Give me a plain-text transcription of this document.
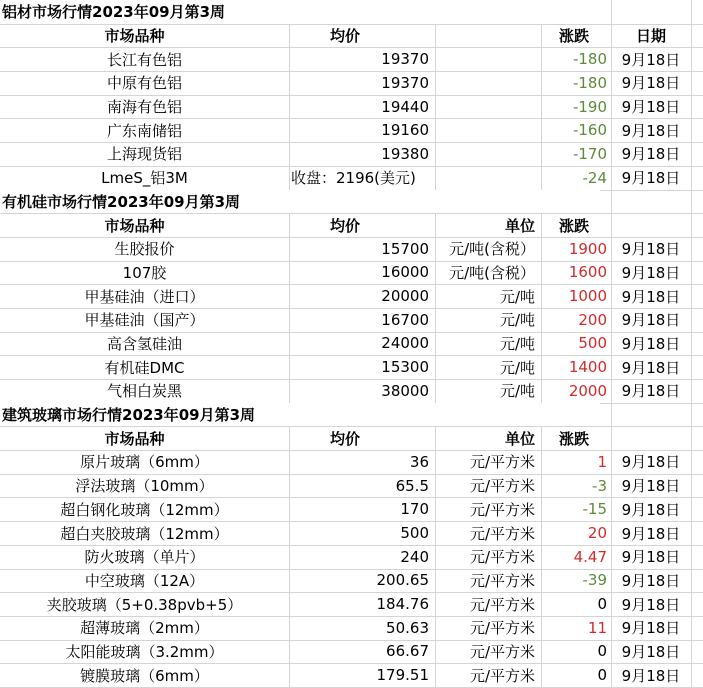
铝材市场行情2023年09月第3周
市场品种	均价	涨跌	日期
长江有色铝	19370	-180 9月18日
中原有色铝	19370	-180 9月18日
南海有色铝	19440	-190 9月18日
广东南储铝	19160	-160 9月18日
上海现货铝	19380	-170 9月18日
LmeS_铝3M	收盘：2196(美元)	-24 9月18日
有机硅市场行情2023年09月第3周
市场品种	均价	单位	涨跌
生胶报价	15700	元/吨(含税）	1900 9月18日
107胶	16000	元/吨(含税）	1600 9月18日
甲基硅油（进口）	20000	元/吨	1000 9月18日
甲基硅油（国产）	16700	元/吨	200 9月18日
高含氢硅油	24000	元/吨	500 9月18日
有机硅DMC	15300	元/吨	1400 9月18日
气相白炭黑	38000	元/吨	2000 9月18日
建筑玻璃市场行情2023年09月第3周
市场品种	均价	单位	涨跌
原片玻璃（6mm）	36	元/平方米	1 9月18日
浮法玻璃（10mm）	65.5	元/平方米	-3 9月18日
超白钢化玻璃（12mm）	170	元/平方米	-15 9月18日
超白夹胶玻璃（12mm）	500	元/平方米	20 9月18日
防火玻璃（单片）	240	元/平方米	4.47 9月18日
中空玻璃（12A）	200.65	元/平方米	-39 9月18日
夹胶玻璃（5+0.38pvb+5）	184.76	元/平方米	0 9月18日
超薄玻璃（2mm）	50.63	元/平方米	11 9月18日
太阳能玻璃（3.2mm）	66.67	元/平方米	0 9月18日
镀膜玻璃（6mm）	179.51	元/平方米	0 9月18日
